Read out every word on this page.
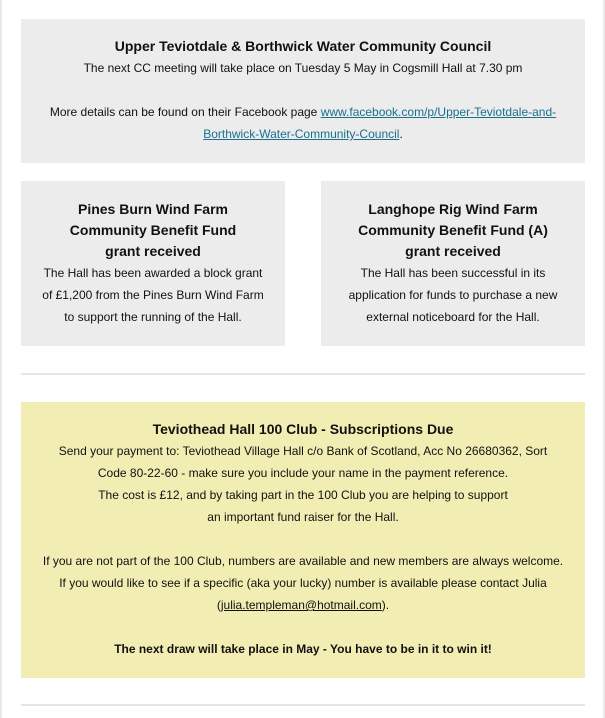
Upper Teviotdale & Borthwick Water Community Council

The next CC meeting will take place on Tuesday 5 May in Cogsmill Hall at 7.30 pm

More details can be found on their Facebook page www.facebook.com/p/Upper-Teviotdale-and-
Borthwick-Water-Community-Council.

Pines Burn Wind Farm
Community Benefit Fund
grant received

The Hall has been awarded a block grant
of £1,200 from the Pines Burn Wind Farm
to support the running of the Hall.

Langhope Rig Wind Farm
Community Benefit Fund (A)
grant received

The Hall has been successful in its
application for funds to purchase a new
external noticeboard for the Hall.

Teviothead Hall 100 Club - Subscriptions Due

Send your payment to: Teviothead Village Hall c/o Bank of Scotland, Acc No 26680362, Sort
Code 80-22-60 - make sure you include your name in the payment reference.

The cost is £12, and by taking part in the 100 Club you are helping to support
an important fund raiser for the Hall.

If you are not part of the 100 Club, numbers are available and new members are always welcome.

If you would like to see if a specific (aka your lucky) number is available please contact Julia

(julia.templeman@hotmail.com).

The next draw will take place in May - You have to be in it to win it!
